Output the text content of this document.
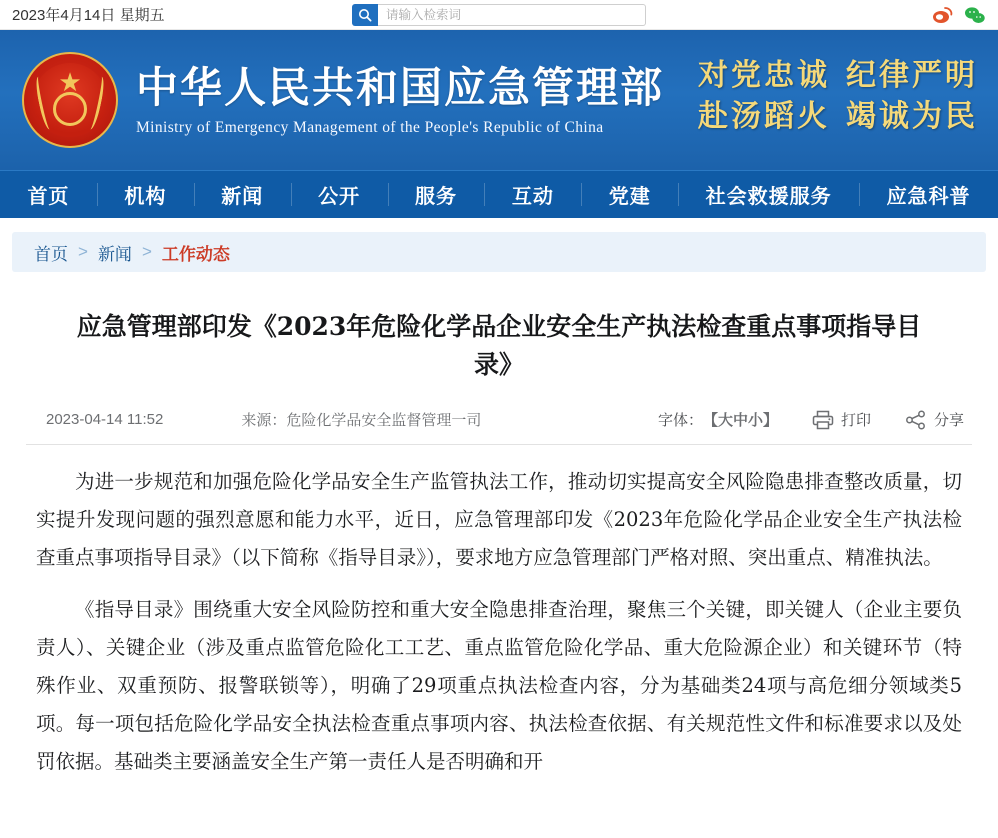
2023年4月14日 星期五
请输入检索词
★ 中华人民共和国应急管理部
Ministry of Emergency Management of the People's Republic of China
对党忠诚 纪律严明
赴汤蹈火 竭诚为民
首页	机构	新闻	公开	服务	互动	党建	社会救援服务	应急科普
首页 > 新闻 > 工作动态
应急管理部印发《2023年危险化学品企业安全生产执法检查重点事项指导目录》
2023-04-14 11:52	来源： 危险化学品安全监督管理一司	字体： 【大中小】	打印	分享

为进一步规范和加强危险化学品安全生产监管执法工作，推动切实提高安全风险隐患排查整改质量，切实提升发现问题的强烈意愿和能力水平，近日，应急管理部印发《2023年危险化学品企业安全生产执法检查重点事项指导目录》（以下简称《指导目录》），要求地方应急管理部门严格对照、突出重点、精准执法。

《指导目录》围绕重大安全风险防控和重大安全隐患排查治理，聚焦三个关键，即关键人（企业主要负责人）、关键企业（涉及重点监管危险化工工艺、重点监管危险化学品、重大危险源企业）和关键环节（特殊作业、双重预防、报警联锁等），明确了29项重点执法检查内容，分为基础类24项与高危细分领域类5项。每一项包括危险化学品安全执法检查重点事项内容、执法检查依据、有关规范性文件和标准要求以及处罚依据。基础类主要涵盖安全生产第一责任人是否明确和开
